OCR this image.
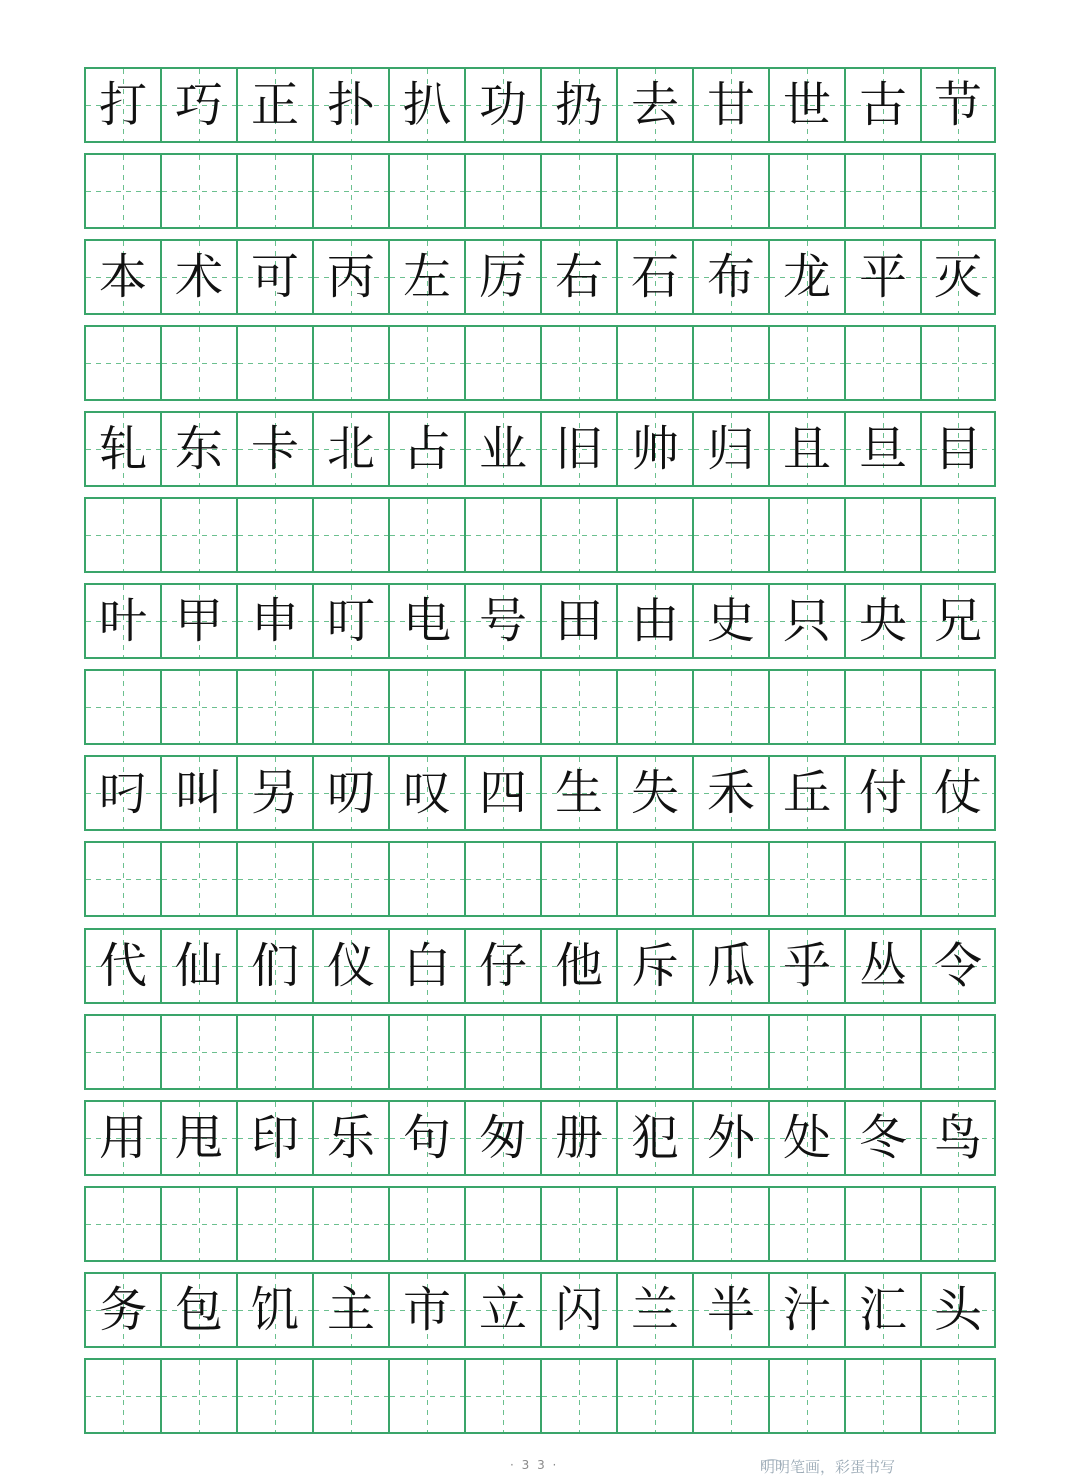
打 巧 正 扑 扒 功 扔 去 甘 世 古 节
本 术 可 丙 左 厉 右 石 布 龙 平 灭
轧 东 卡 北 占 业 旧 帅 归 且 旦 目
叶 甲 申 叮 电 号 田 由 史 只 央 兄
叼 叫 另 叨 叹 四 生 失 禾 丘 付 仗
代 仙 们 仪 白 仔 他 斥 瓜 乎 丛 令
用 甩 印 乐 句 匆 册 犯 外 处 冬 鸟
务 包 饥 主 市 立 闪 兰 半 汁 汇 头
· 3 3 ·	明明笔画，彩蛋书写
